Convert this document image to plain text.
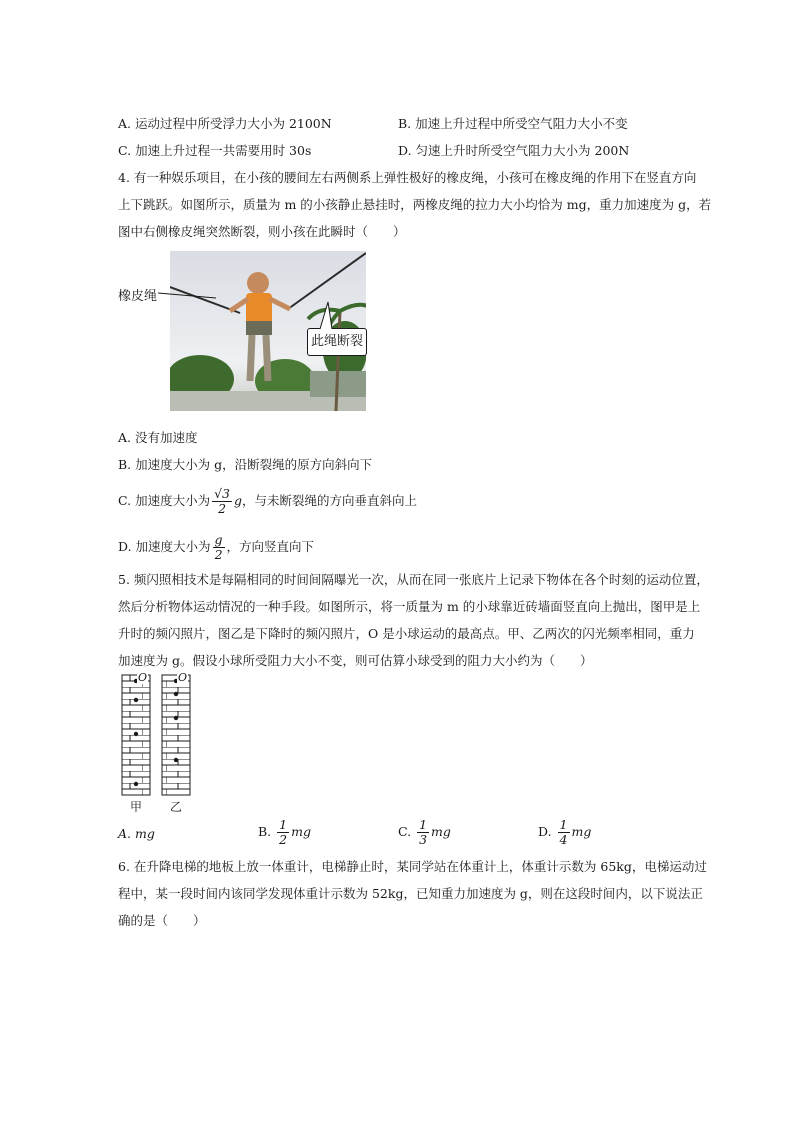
A. 运动过程中所受浮力大小为 2100N	B. 加速上升过程中所受空气阻力大小不变
C. 加速上升过程一共需要用时 30s	D. 匀速上升时所受空气阻力大小为 200N
4. 有一种娱乐项目，在小孩的腰间左右两侧系上弹性极好的橡皮绳，小孩可在橡皮绳的作用下在竖直方向
上下跳跃。如图所示，质量为 m 的小孩静止悬挂时，两橡皮绳的拉力大小均恰为 mg，重力加速度为 g，若
图中右侧橡皮绳突然断裂，则小孩在此瞬时（　　）
橡皮绳
此绳断裂
A. 没有加速度
B. 加速度大小为 g，沿断裂绳的原方向斜向下
C. 加速度大小为 $\frac{√3}{2}$ g，与未断裂绳的方向垂直斜向上
D. 加速度大小为 $\frac{g}{2}$ ，方向竖直向下
5. 频闪照相技术是每隔相同的时间间隔曝光一次，从而在同一张底片上记录下物体在各个时刻的运动位置，
然后分析物体运动情况的一种手段。如图所示，将一质量为 m 的小球靠近砖墙面竖直向上抛出，图甲是上
升时的频闪照片，图乙是下降时的频闪照片，O 是小球运动的最高点。甲、乙两次的闪光频率相同，重力
加速度为 g。假设小球所受阻力大小不变，则可估算小球受到的阻力大小约为（　　）
O	O
甲 乙
A. mg	B. $\frac{1}{2}$ mg	C. $\frac{1}{3}$ mg	D. $\frac{1}{4}$ mg
6. 在升降电梯的地板上放一体重计，电梯静止时，某同学站在体重计上，体重计示数为 65kg，电梯运动过
程中，某一段时间内该同学发现体重计示数为 52kg，已知重力加速度为 g，则在这段时间内，以下说法正
确的是（　　）
